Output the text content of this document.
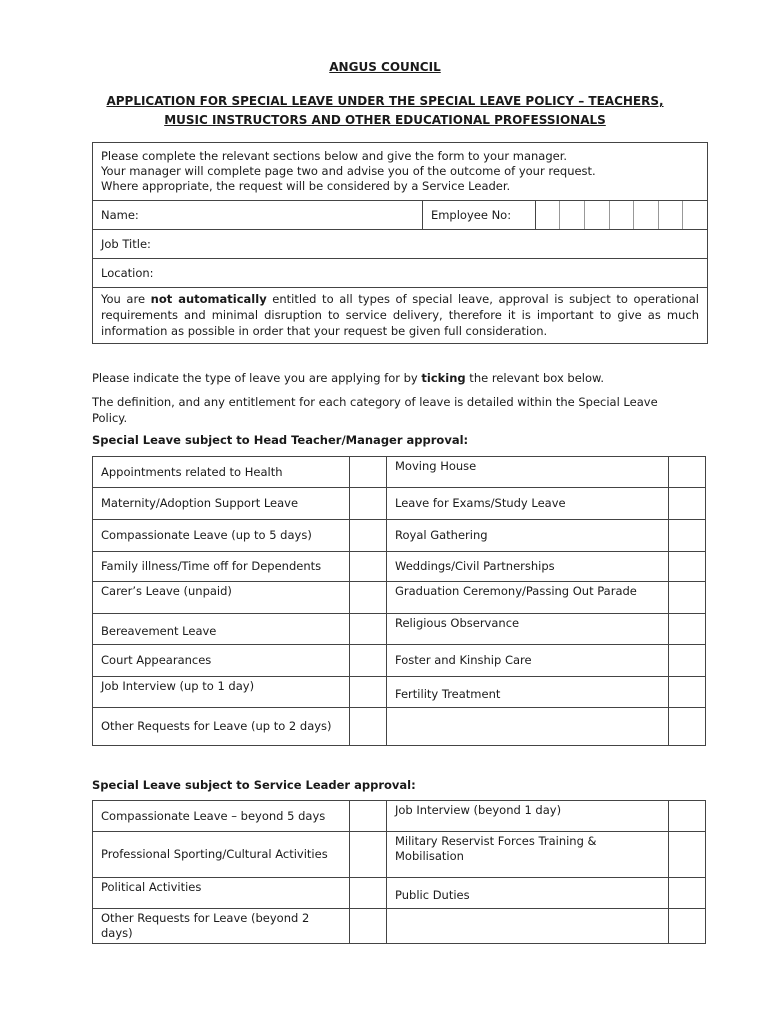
ANGUS COUNCIL
APPLICATION FOR SPECIAL LEAVE UNDER THE SPECIAL LEAVE POLICY – TEACHERS,
MUSIC INSTRUCTORS AND OTHER EDUCATIONAL PROFESSIONALS
Please complete the relevant sections below and give the form to your manager.
Your manager will complete page two and advise you of the outcome of your request.
Where appropriate, the request will be considered by a Service Leader.

Name:	Employee No:	

Job Title:
Location:
You are not automatically entitled to all types of special leave, approval is subject to operational requirements and minimal disruption to service delivery, therefore it is important to give as much information as possible in order that your request be given full consideration.
Please indicate the type of leave you are applying for by ticking the relevant box below.
The definition, and any entitlement for each category of leave is detailed within the Special Leave Policy.
Special Leave subject to Head Teacher/Manager approval:
Appointments related to Health		Moving House	
Maternity/Adoption Support Leave		Leave for Exams/Study Leave	
Compassionate Leave (up to 5 days)		Royal Gathering	
Family illness/Time off for Dependents		Weddings/Civil Partnerships	
Carer’s Leave (unpaid)		Graduation Ceremony/Passing Out Parade	
Bereavement Leave		Religious Observance	
Court Appearances		Foster and Kinship Care	
Job Interview (up to 1 day)		Fertility Treatment	
Other Requests for Leave (up to 2 days)			
Special Leave subject to Service Leader approval:
Compassionate Leave – beyond 5 days		Job Interview (beyond 1 day)	
Professional Sporting/Cultural Activities		Military Reservist Forces Training & Mobilisation	
Political Activities		Public Duties	
Other Requests for Leave (beyond 2 days)			
